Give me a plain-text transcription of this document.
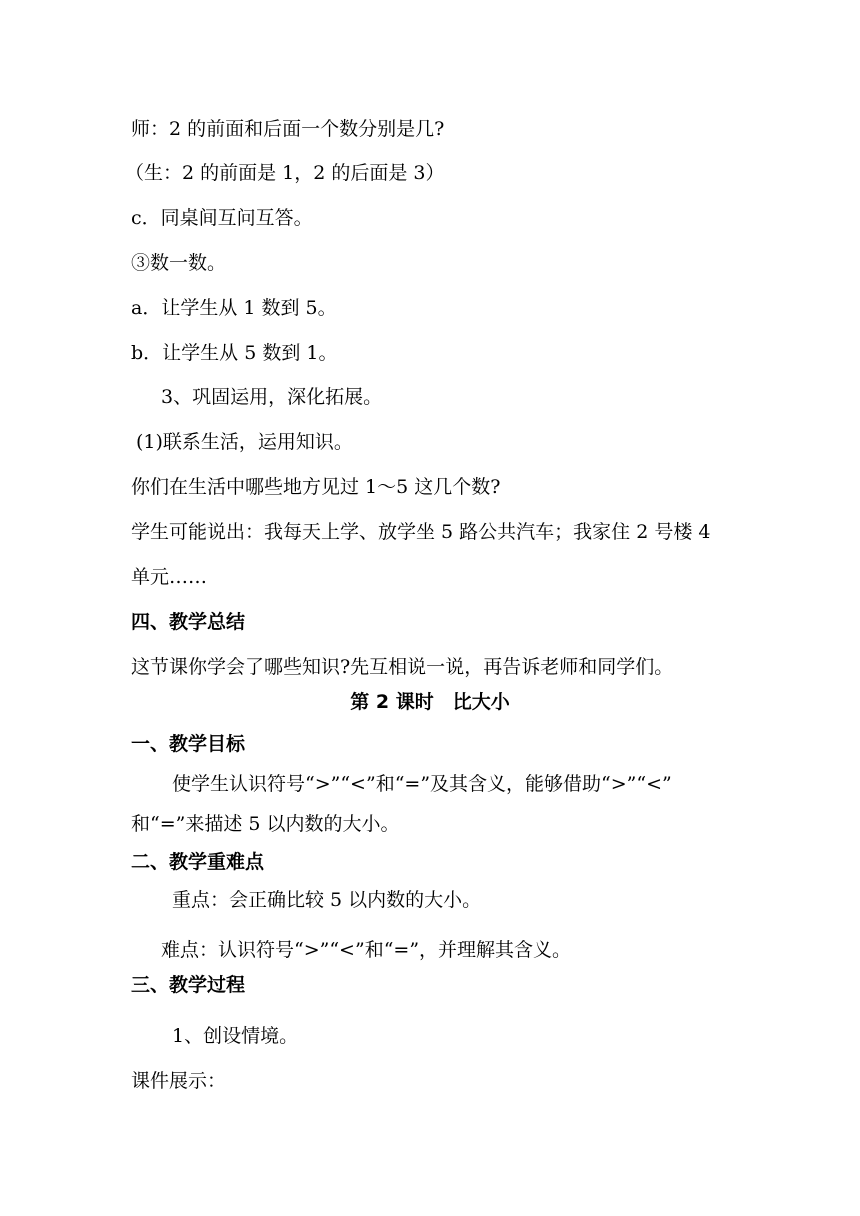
师：2 的前面和后面一个数分别是几?
（生：2 的前面是 1，2 的后面是 3）
c．同桌间互问互答。
③数一数。
a．让学生从 1 数到 5。
b．让学生从 5 数到 1。
3、巩固运用，深化拓展。
(1)联系生活，运用知识。
你们在生活中哪些地方见过 1～5 这几个数?
学生可能说出：我每天上学、放学坐 5 路公共汽车；我家住 2 号楼 4
单元……
四、教学总结
这节课你学会了哪些知识?先互相说一说，再告诉老师和同学们。
第 2 课时　比大小
一、教学目标
使学生认识符号“>”“<”和“=”及其含义，能够借助“>”“<”
和“=”来描述 5 以内数的大小。
二、教学重难点
重点：会正确比较 5 以内数的大小。
难点：认识符号“>”“<”和“=”，并理解其含义。
三、教学过程
1、创设情境。
课件展示：
